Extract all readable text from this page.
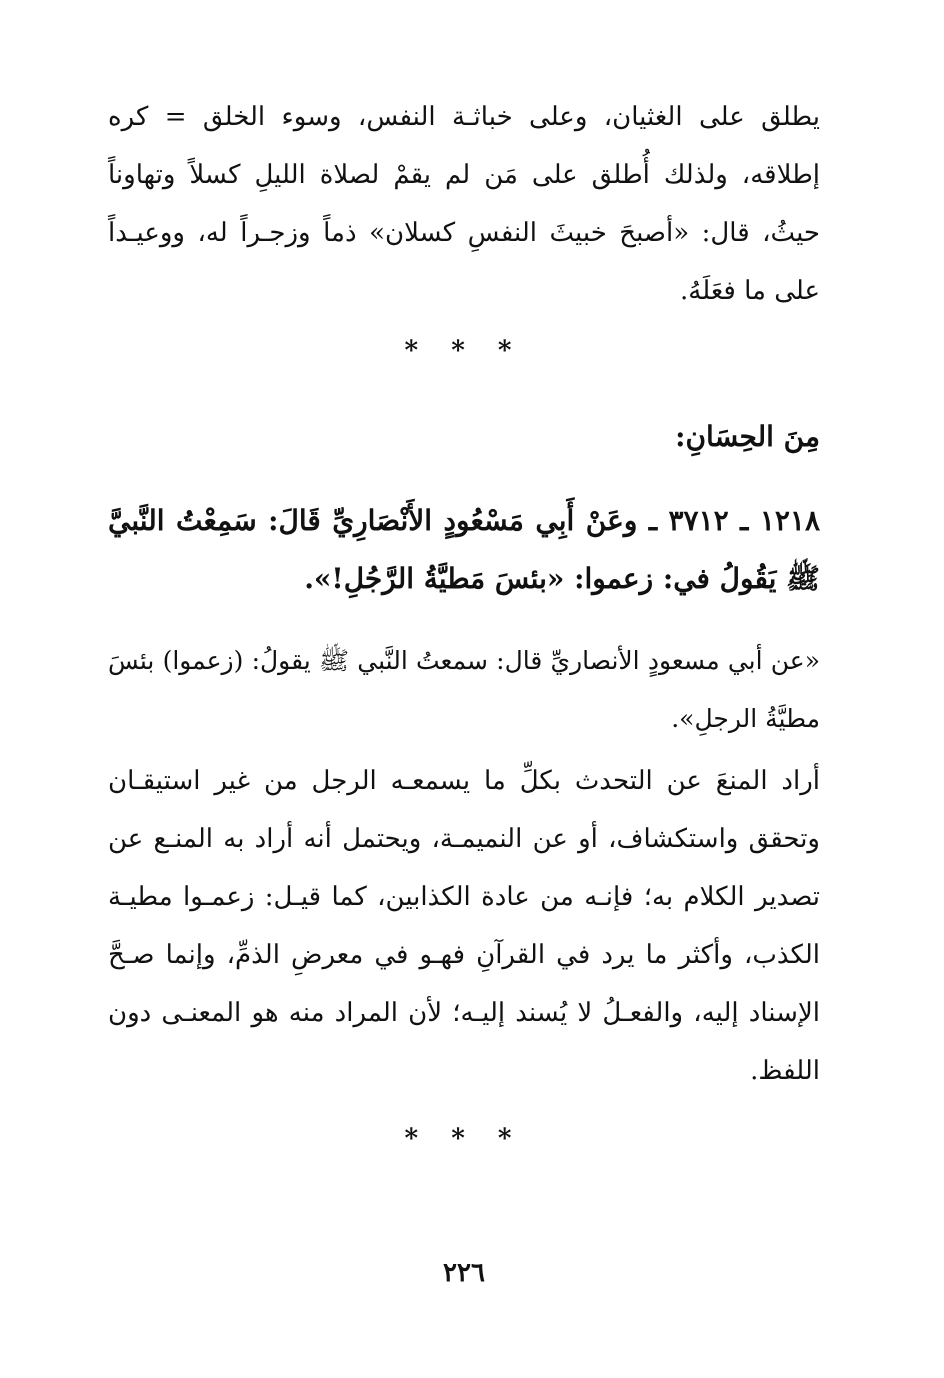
يطلق على الغثيان، وعلى خباثـة النفس، وسوء الخلق = كره إطلاقه، ولذلك أُطلق على مَن لم يقمْ لصلاة الليلِ كسلاً وتهاوناً حيثُ، قال: «أصبحَ خبيثَ النفسِ كسلان» ذماً وزجـراً له، ووعيـداً على ما فعَلَهُ.

* * *
مِنَ الحِسَانِ:

١٢١٨ ـ ٣٧١٢ ـ وعَنْ أَبِي مَسْعُودٍ الأَنْصَارِيِّ قَالَ: سَمِعْتُ النَّبيَّ ﷺ يَقُولُ في: زعموا: «بئسَ مَطيَّةُ الرَّجُلِ!».

«عن أبي مسعودٍ الأنصاريِّ قال: سمعتُ النَّبي ﷺ يقولُ: (زعموا) بئسَ مطيَّةُ الرجلِ».

أراد المنعَ عن التحدث بكلِّ ما يسمعـه الرجل من غير استيقـان وتحقق واستكشاف، أو عن النميمـة، ويحتمل أنه أراد به المنـع عن تصدير الكلام به؛ فإنـه من عادة الكذابين، كما قيـل: زعمـوا مطيـة الكذب، وأكثر ما يرد في القرآنِ فهـو في معرضِ الذمِّ، وإنما صـحَّ الإسناد إليه، والفعـلُ لا يُسند إليـه؛ لأن المراد منه هو المعنـى دون اللفظ.

* * *
٢٢٦
